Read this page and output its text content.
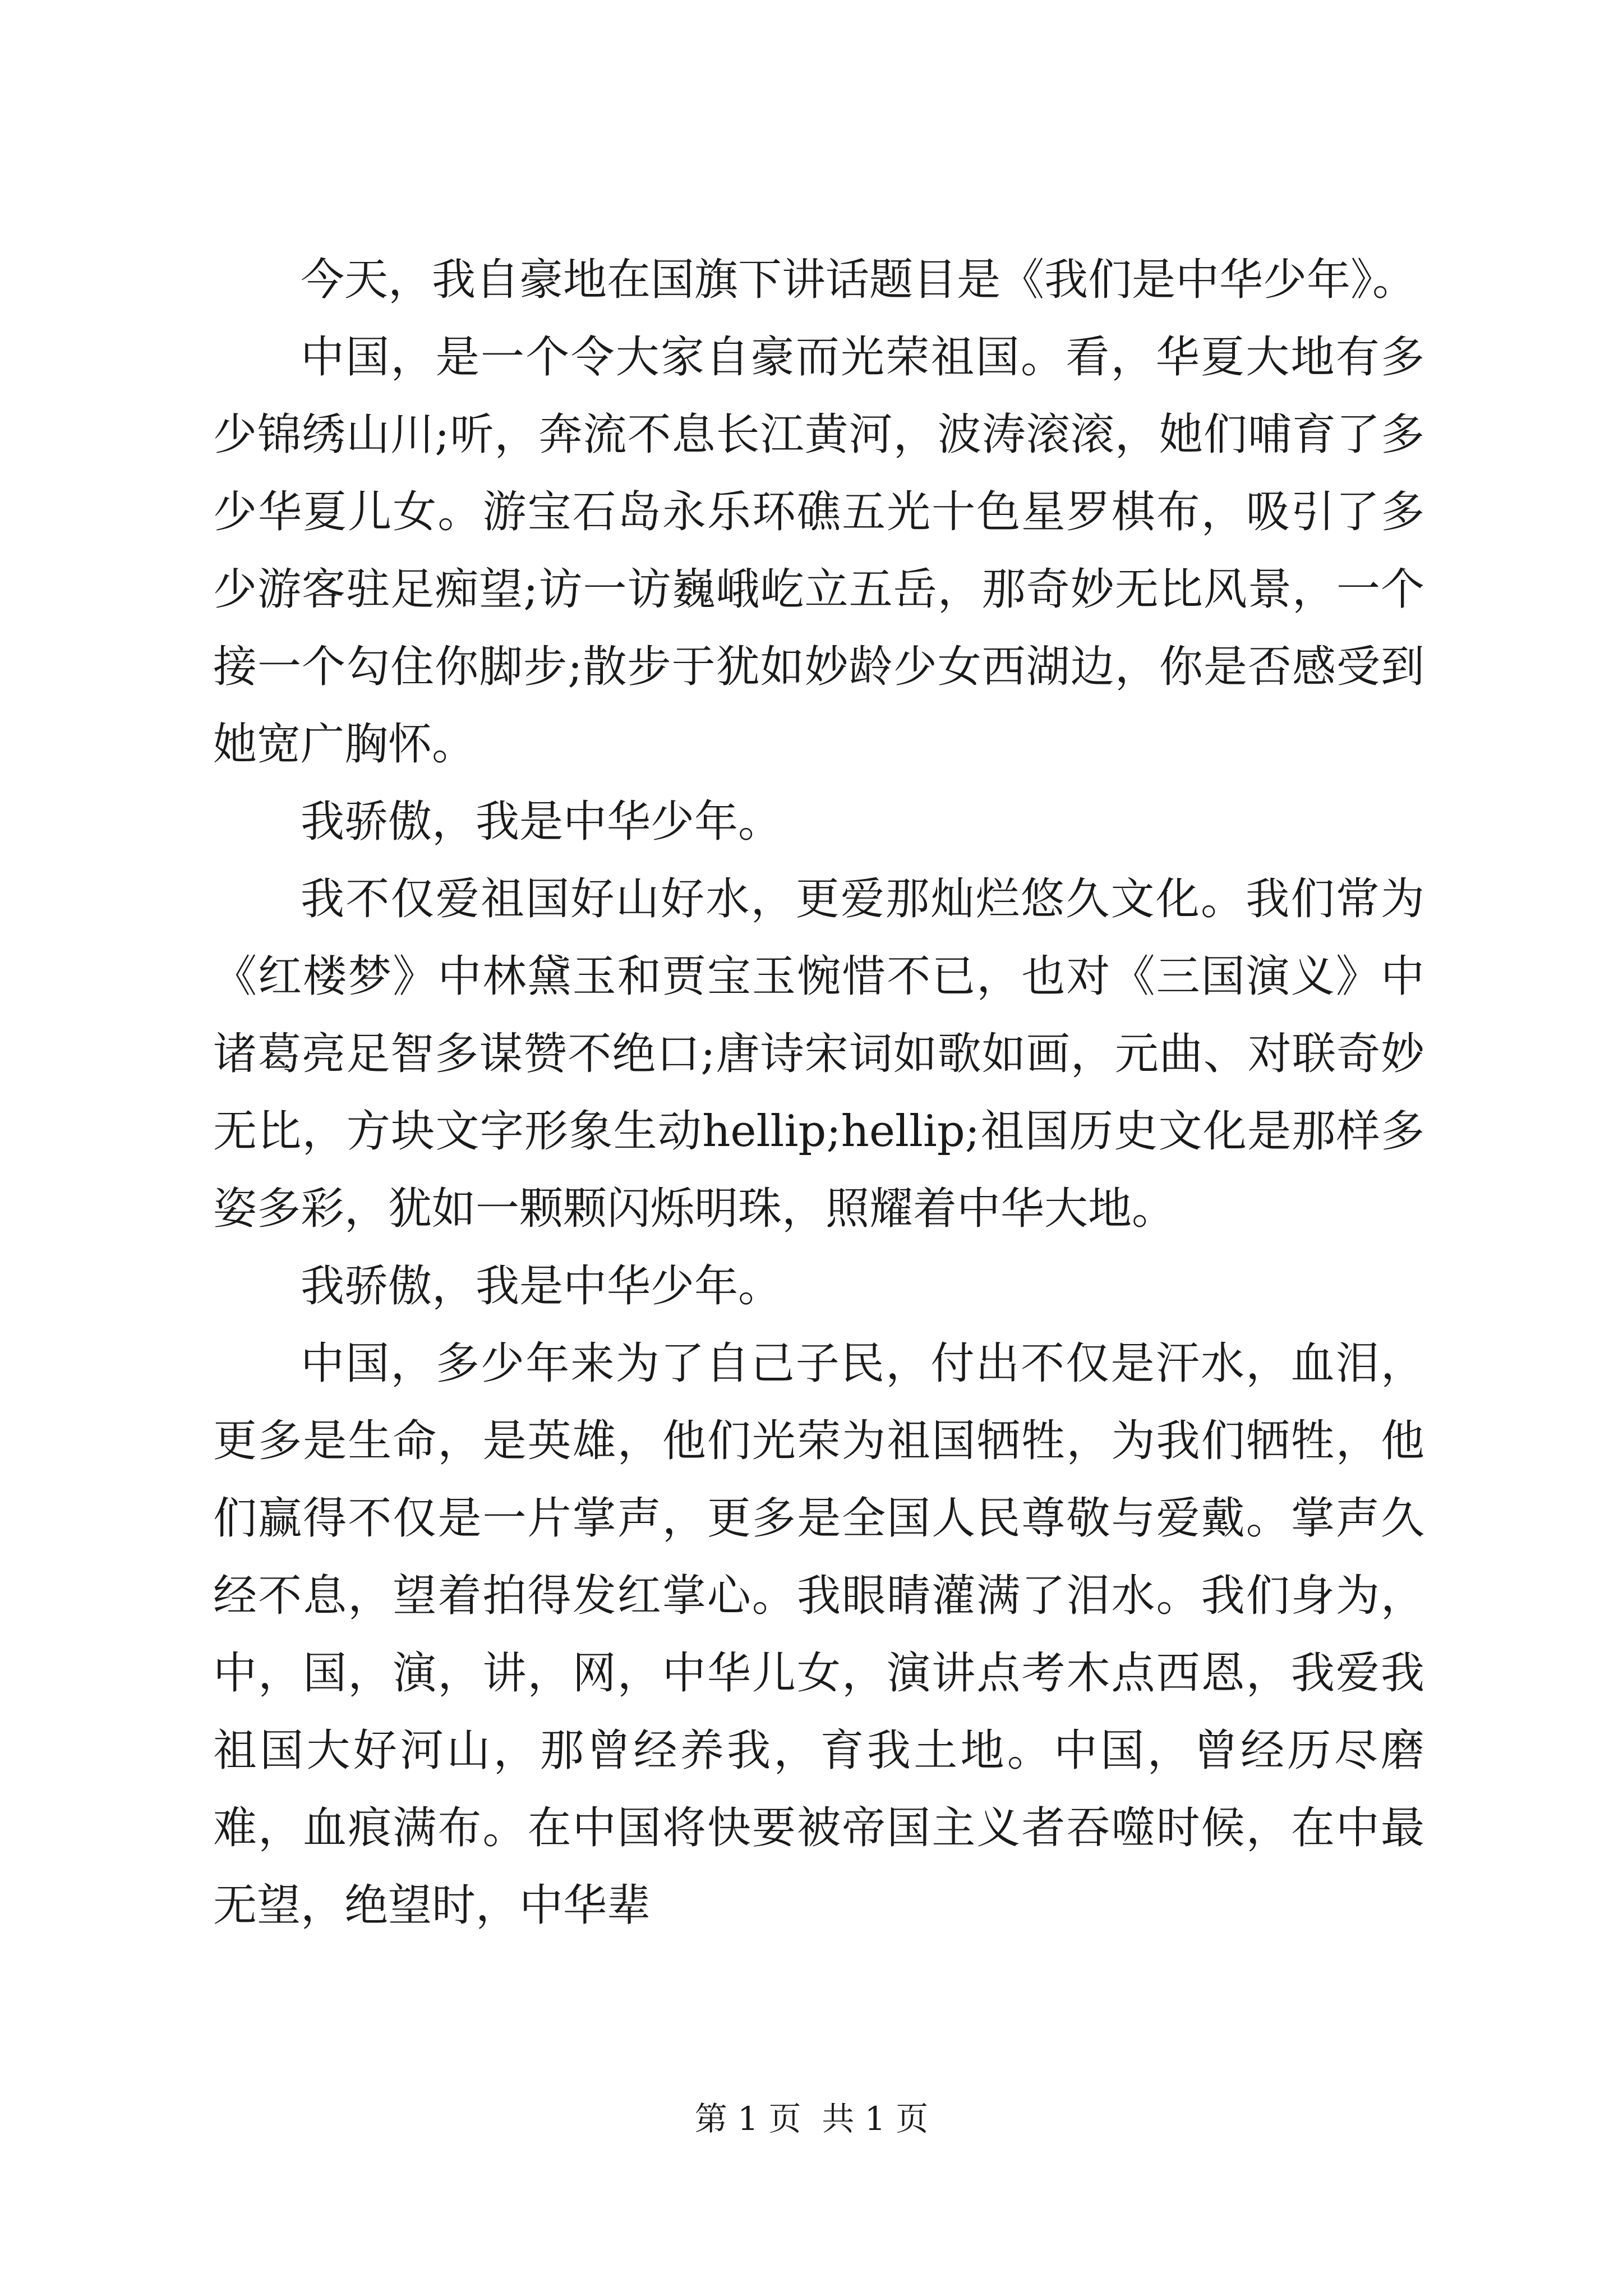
今天，我自豪地在国旗下讲话题目是《我们是中华少年》。

中国，是一个令大家自豪而光荣祖国。看，华夏大地有多少锦绣山川;听，奔流不息长江黄河，波涛滚滚，她们哺育了多少华夏儿女。游宝石岛永乐环礁五光十色星罗棋布，吸引了多少游客驻足痴望;访一访巍峨屹立五岳，那奇妙无比风景，一个接一个勾住你脚步;散步于犹如妙龄少女西湖边，你是否感受到她宽广胸怀。

我骄傲，我是中华少年。

我不仅爱祖国好山好水，更爱那灿烂悠久文化。我们常为《红楼梦》中林黛玉和贾宝玉惋惜不已，也对《三国演义》中诸葛亮足智多谋赞不绝口;唐诗宋词如歌如画，元曲、对联奇妙无比，方块文字形象生动hellip;hellip;祖国历史文化是那样多姿多彩，犹如一颗颗闪烁明珠，照耀着中华大地。

我骄傲，我是中华少年。

中国，多少年来为了自己子民，付出不仅是汗水，血泪，更多是生命，是英雄，他们光荣为祖国牺牲，为我们牺牲，他们赢得不仅是一片掌声，更多是全国人民尊敬与爱戴。掌声久经不息，望着拍得发红掌心。我眼睛灌满了泪水。我们身为，中，国，演，讲，网，中华儿女，演讲点考木点西恩，我爱我祖国大好河山，那曾经养我，育我土地。中国，曾经历尽磨难，血痕满布。在中国将快要被帝国主义者吞噬时候，在中最无望，绝望时，中华辈

第 1 页  共 1 页
